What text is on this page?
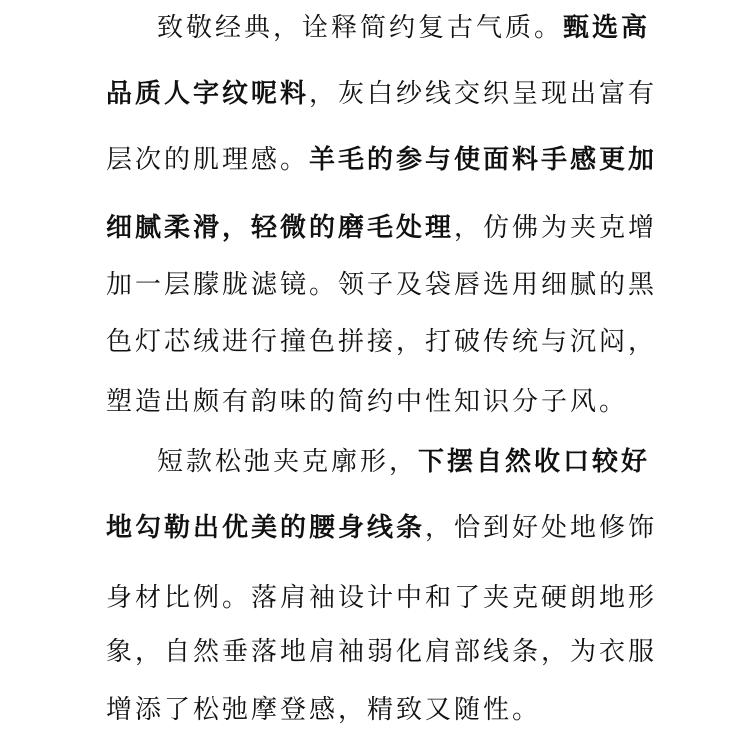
致敬经典，诠释简约复古气质。甄选高
品质人字纹呢料，灰白纱线交织呈现出富有
层次的肌理感。羊毛的参与使面料手感更加
细腻柔滑，轻微的磨毛处理，仿佛为夹克增
加一层朦胧滤镜。领子及袋唇选用细腻的黑
色灯芯绒进行撞色拼接，打破传统与沉闷，
塑造出颇有韵味的简约中性知识分子风。
短款松弛夹克廓形，下摆自然收口较好
地勾勒出优美的腰身线条，恰到好处地修饰
身材比例。落肩袖设计中和了夹克硬朗地形
象，自然垂落地肩袖弱化肩部线条，为衣服
增添了松弛摩登感，精致又随性。
